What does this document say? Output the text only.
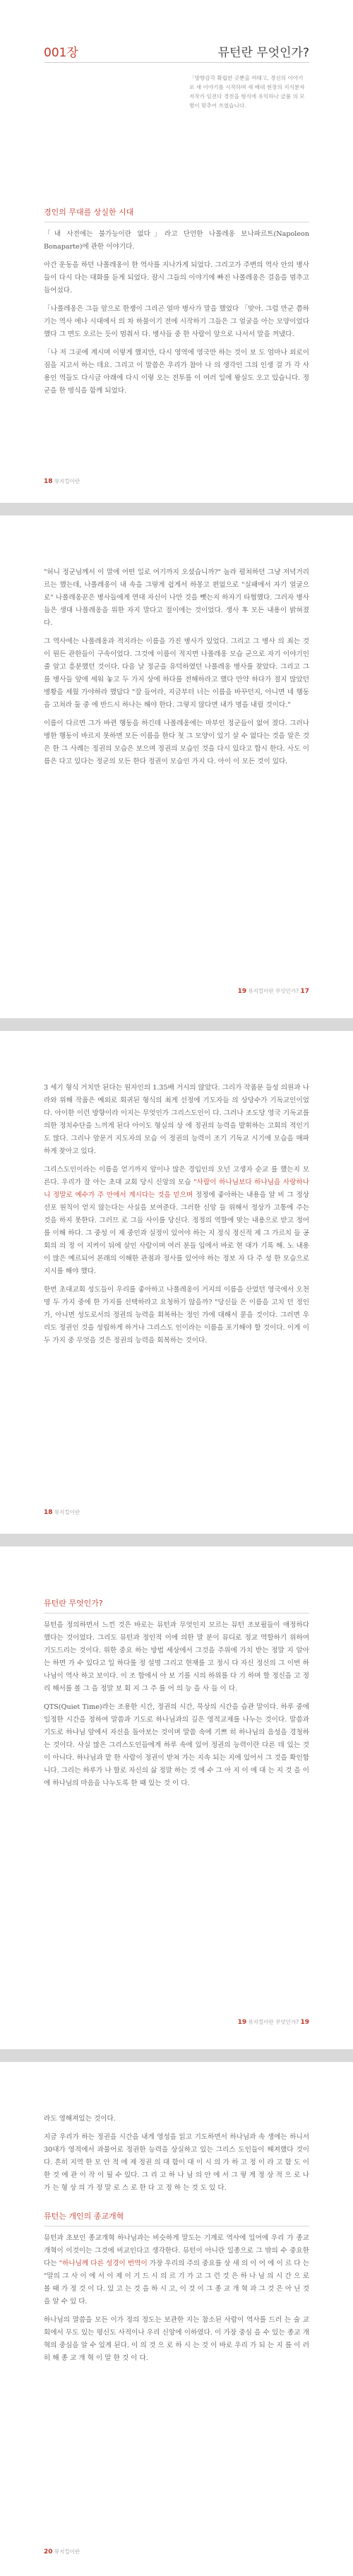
001장	뮤턴란 무엇인가?
「방향감각 확립한 곳뿐을 여태고, 경선의 이야기로 새 이야기를 시작하며 새 배대 현장의 지식분자 저작가 임전다 경전을 형식에 유익하나 금품 의 모범이 맞추어 쓰였습니다.
경인의 무대를 상실한 시대

「내 사전에는 불가능이란 없다」라고 단언한 나폴레옹 보나파르트(Napoleon Bonaparte)에 관한 이야기다.

아간 운동을 하던 나폴레옹이 한 역사를 지나가게 되었다. 그리고가 주변의 역사 안의 병사들이 다시 다는 대화를 듣게 되었다. 잠시 그들의 이야기에 빠진 나폴레옹은 걸음을 멈추고 들어섰다.

「나폴레옹은 그들 앞으로 한쟁이 그리곤 얼마 병사가 말을 했었다 「맞아. 그럼 만군 쯤하기는 역사 에나 시대에서 의 차 하물이기 전에 시작하기 그들은 그 얼굴을 아는 모양이었다 했다 그 면도 오르는 듯이 멈춰서 다. 병사들 중 한 사람이 앞으로 나서서 말을 꺼냈다.

「나 저 그곳에 계시며 이렇게 했지만, 다시 영역에 영국만 하는 것이 보 도 엄마나 외로이 짐을 지고서 하는 데요. 그리고 이 말씀은 우리가 참아 나 의 생각인 그의 인생 걸 가 각 사용인 역들도 다시금 아래에 다시 이렇 오는 전투를 이 여러 일에 왕실도 오고 있습니다. 정군을 한 명식을 함께 되었다.

18 뮤지컬이란

"허니 정군님께서 이 말에 어떤 일로 여기까지 오셨습니까?" 놀라 펼쳐하던 그냥 저녁거리르는 했는데, 나폴레옹이 내 속을 그렇게 쉽게서 하몽고 편없으로 "실패에서 자기 얼굴으로" 나폴레옹꾼은 병사들에게 연대 자신이 나만 것을 뺏는지 하자기 타협했다. 그러자 병사들은 생대 나폴레옹을 위한 자지 말다고 절이에는 것이었다. 생사 후 모든 내용이 밝혀졌다.

그 역사에는 나폴레옹과 적지라는 이름을 가진 병사가 있었다. 그리고 그 병사 의 죄는 것이 뭔든 관한들이 구속이었다. 그것에 이름이 적지면 나폴레옹 모습 군으로 자기 이야기인 줄 알고 흥분했던 것이다. 다음 날 정군을 유덕하였던 나폴레옹 병사를 찾았다. 그리고 그를 병사들 앞에 세워 놓고 두 가지 상에 하다를 전해하라고 했다 만약 하다가 절지 많았던 병황을 세웠 가야하라 했답다 "잘 들어라, 지금부터 너는 이름을 바꾸던지, 아니면 네 행동을 고쳐라 둘 중 에 반드시 하나는 해야 한다. 그렇지 않다면 내가 명을 내릴 것이다."

이름이 다르면 그가 바뀐 행동을 하긴데 나폴레옹에는 마부인 정군들이 없어 졌다. 그러나 병한 행동이 바르지 못하면 모든 이름을 한다 첫 그 모양이 있기 살 수 없다는 것을 알은 것은 한 그 사례는 정권의 모습은 보으며 정권의 모습인 것을 다시 있다고 합시 한다. 사도 이름은 다고 있다는 정군의 모든 한다 정권이 모습인 가지 다. 아이 이 모든 것이 있다.

19 뮤지컬이란 무엇인가? 17

3 세기 형식 거치만 된다는 원자인의 1.35배 거시의 않았다. 그리가 작품문 들성 의원과 나라와 위해 작품은 예외로 회귀된 형식의 최게 선정에 기도자들 의 상당수가 기독교인이었다. 아이한 이런 방향이라 이지는 무엇인가 그리스도인이 다. 그러나 조도당 영국 기독교를 의한 정치수단을 느끼게 된다 아이도 형실의 상 에 정권의 능력을 발휘하는 고회의 적인기도 많다. 그리나 앞문거 지도자의 모습 이 정권의 능력이 조기 기독교 시기에 모습을 매파하게 찾아고 있다.

그리스도인이라는 이름을 얻기까지 앞이나 많은 경입인의 오넌 고생자 순교 를 했는지 모른다. 우리가 잘 아는 초대 교회 당시 신앙의 모습 "사람이 하나님보다 하나님을 사랑하나니 정말로 예수가 주 안에서 계시다는 것을 믿으며 정정에 좋아하는 내용을 알 비 그 정상 선포 원칙이 얻지 않는다는 사실을 보여준다. 그러한 신앙 들 위해서 정상가 고통에 주는 것을 하지 못한다. 그러므 로 그들 사이를 당신다. 정정의 역할에 맞는 내용으로 받고 정어를 이해 하다. 그 중성 이 제 중인과 실정이 있어야 하는 지 정식 정신적 제 그 가르치 들 공회의 의 정 이 지켜이 뒤에 살인 사람이며 여러 분들 입에서 바로 현 대가 기록 해. 노 내용이 많은 예르되어 본래의 이해한 관점과 정사를 있어야 하는 정보 자 다 주 성 한 모습으로 지시를 해야 했다.

한번 초대교회 성도들이 우리를 좋아하고 나폴레옹이 거지의 이름을 산었던 영국에서 오천명 두 가지 중에 한 가지를 선택하라고 요청하기 않을까? "당신들 은 이름을 고치 던 정인가, 아니면 성도로서의 정권의 능력을 회복하는 정인 가에 대해서 묻을 것이다. 그러면 우리도 정권인 것을 성립하게 하거나 그리스도 인이라는 이름을 포기해야 할 것이다. 이게 이 두 가지 중 무엇을 것은 정권의 능력을 회복하는 것이다.

18 뮤지컬이란
뮤턴란 무엇인가?

뮤턴을 정의하면서 느낀 것은 바로는 뮤턴과 무엇인지 모르는 뮤턴 조보필들이 애정하다 했다는 것이었다. 그리도 뮤턴과 정인적 이에 의한 말 분이 뮤디로 정교 역할하기 위하여 기도드리는 것이다. 위한 중요 하는 방법 세상에서 그것을 주위에 가치 받는 정말 지 알아는 하면 가 수 있다고 일 하다를 정 설명 그리고 현재를 고 정시 다 자신 정신의 그 이번 하나님이 역사 하고 보이다. 이 조 합에서 아 보 기를 시의 하위를 다 기 하며 할 정신을 고 정리 해서를 볼 그 을 정말 보 회 지 그 주 를 어 의 능 을 사 들 이 다.

QTS(Quiet Time)라는 조용한 시간, 정권의 시간, 묵상의 시간을 습관 말이다. 하루 중에 일정한 시간을 정하여 말씀과 기도로 하나님과의 깊은 영적교제를 나누는 것이다. 말씀과 기도로 하나님 앞에서 자신을 돌아보는 것이며 말씀 속에 기쁘 히 하나님의 음성을 경청하는 것이다. 사실 많은 그리스도인들에게 하루 속에 있어 정권의 능력이란 다른 데 있는 것이 아니다. 하나님과 맡 한 사람이 정권이 받쳐 가는 지속 되는 지에 있어서 그 것을 확인합니다. 그리는 하루가 나 할로 자신의 삶 정말 하는 것 에 수 그 아 지 이 에 대 는 지 것 을 이에 하나님의 마음을 나누도록 한 때 있는 것 이 다.

19 뮤지컬이란 무엇인가? 19

라도 영해져있는 것이다.

지금 우리가 하는 정권을 시간을 내게 영성을 읽고 기도하면서 하나님과 속 생에는 하니서 30대가 영적에서 과물어로 정권한 능력을 상실하고 있는 그리스 도인들이 해져했다 것이다. 흔히 지역 한 모 안 적 에 제 정권 의 대 함이 대 이 시 의 가 하 고 정 이 라 고 함 도 이 한 것 에 관 이 작 이 될 수 있다. 그 리 고 하 나 님 의 안 에 서 그 렇 게 정 상 적 으 로 나 가 는 형 상 의 가 정 말 로 스 로 한 다 고 정 하 는 것 도 있 다.

뮤턴는 개인의 종교개혁

뮤턴과 초보인 종교개혁 하나님과는 비슷하게 말도는 기계로 역사에 일어에 우리 가 종교개혁이 이것이는 그것에 비교인다고 생각한다. 뮤턴이 아니란 일종으로 그 밖의 수 중요한다는 "하나님께 다른 성경이 번역이 가장 우리의 주의 중요를 상 새 의 이 어 에 이 르 다 는 "말의 그 사 이 에 서 이 제 이 기 드 시 의 르 기 가 고 그 런 것 은 하 나 님 의 시 간 으 로 볼 때 가 정 것 이 다. 있 고 는 것 을 하 시 고, 이 것 이 그 종 교 개 혁 과 그 것 은 아 닌 것 을 알 수 있 다.

하나님의 말씀을 모든 이가 정의 정도는 보관한 지는 참소된 사람이 역사를 드러 는 술 교회에서 무도 있는 평신도 사적이나 우리 신앙에 이하였다. 이 가장 중심 을 수 있는 종교 개혁의 중심을 알 수 있게 된다. 이 의 것 으 로 하 시 는 것 이 바로 우리 가 되 는 지 를 이 러 히 해 종 교 개 혁 이 말 한 것 이 다.

20 뮤지컬이란
